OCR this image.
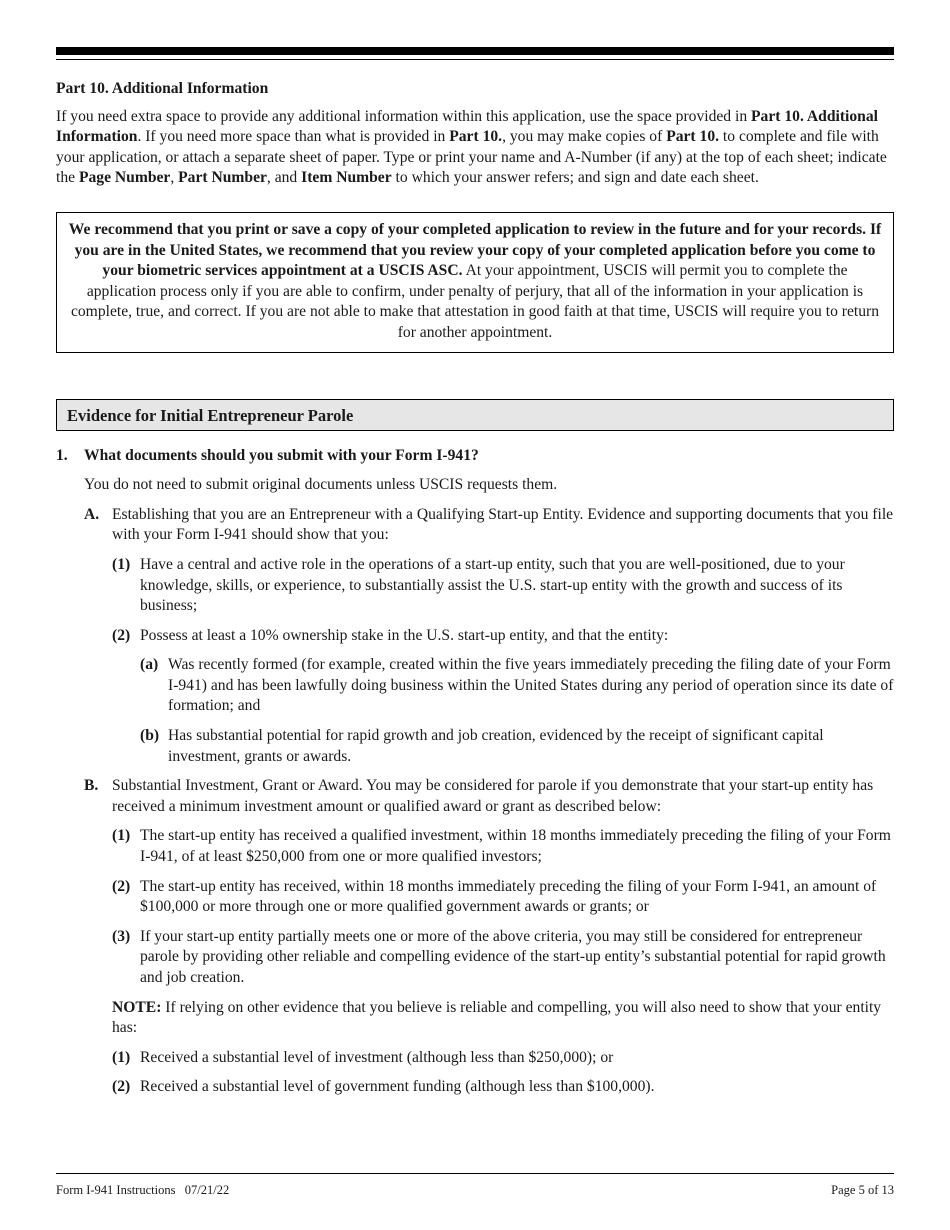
Part 10. Additional Information

If you need extra space to provide any additional information within this application, use the space provided in Part 10. Additional Information. If you need more space than what is provided in Part 10., you may make copies of Part 10. to complete and file with your application, or attach a separate sheet of paper. Type or print your name and A-Number (if any) at the top of each sheet; indicate the Page Number, Part Number, and Item Number to which your answer refers; and sign and date each sheet.

We recommend that you print or save a copy of your completed application to review in the future and for your records. If you are in the United States, we recommend that you review your copy of your completed application before you come to your biometric services appointment at a USCIS ASC. At your appointment, USCIS will permit you to complete the application process only if you are able to confirm, under penalty of perjury, that all of the information in your application is complete, true, and correct. If you are not able to make that attestation in good faith at that time, USCIS will require you to return for another appointment.
Evidence for Initial Entrepreneur Parole
1.	What documents should you submit with your Form I-941?

You do not need to submit original documents unless USCIS requests them.

A. Establishing that you are an Entrepreneur with a Qualifying Start-up Entity. Evidence and supporting documents that you file with your Form I-941 should show that you:

(1) Have a central and active role in the operations of a start-up entity, such that you are well-positioned, due to your knowledge, skills, or experience, to substantially assist the U.S. start-up entity with the growth and success of its business;
(2) Possess at least a 10% ownership stake in the U.S. start-up entity, and that the entity:

(a) Was recently formed (for example, created within the five years immediately preceding the filing date of your Form I-941) and has been lawfully doing business within the United States during any period of operation since its date of formation; and
(b) Has substantial potential for rapid growth and job creation, evidenced by the receipt of significant capital investment, grants or awards.
B. Substantial Investment, Grant or Award. You may be considered for parole if you demonstrate that your start-up entity has received a minimum investment amount or qualified award or grant as described below:

(1) The start-up entity has received a qualified investment, within 18 months immediately preceding the filing of your Form I-941, of at least $250,000 from one or more qualified investors;
(2) The start-up entity has received, within 18 months immediately preceding the filing of your Form I-941, an amount of $100,000 or more through one or more qualified government awards or grants; or
(3) If your start-up entity partially meets one or more of the above criteria, you may still be considered for entrepreneur parole by providing other reliable and compelling evidence of the start-up entity’s substantial potential for rapid growth and job creation.

NOTE: If relying on other evidence that you believe is reliable and compelling, you will also need to show that your entity has:

(1) Received a substantial level of investment (although less than $250,000); or
(2) Received a substantial level of government funding (although less than $100,000).
Form I-941 Instructions   07/21/22	Page 5 of 13
